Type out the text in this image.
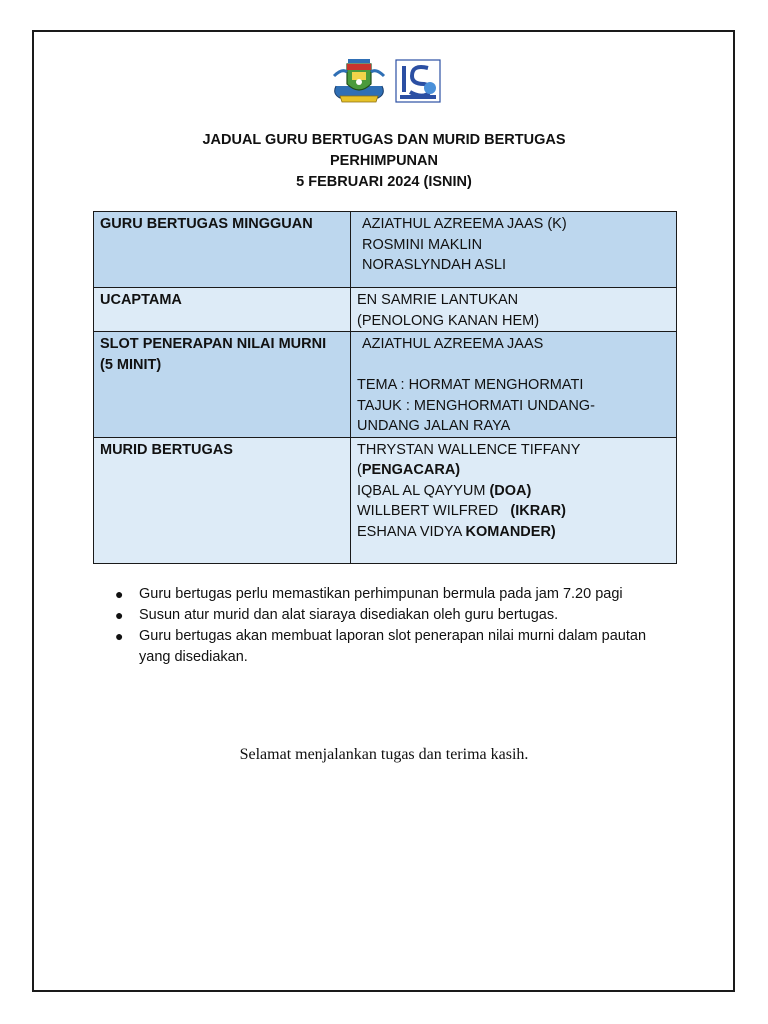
JADUAL GURU BERTUGAS DAN MURID BERTUGAS
PERHIMPUNAN
5 FEBRUARI 2024 (ISNIN)
GURU BERTUGAS MINGGUAN	AZIATHUL AZREEMA JAAS (K)
ROSMINI MAKLIN
NORASLYNDAH ASLI

UCAPTAMA	EN SAMRIE LANTUKAN
(PENOLONG KANAN HEM)

SLOT PENERAPAN NILAI MURNI
(5 MINIT)	AZIATHUL AZREEMA JAAS
TEMA : HORMAT MENGHORMATI
TAJUK : MENGHORMATI UNDANG-
UNDANG JALAN RAYA

MURID BERTUGAS	THRYSTAN WALLENCE TIFFANY
(PENGACARA)
IQBAL AL QAYYUM (DOA)
WILLBERT WILFRED   (IKRAR)
ESHANA VIDYA KOMANDER)
● Guru bertugas perlu memastikan perhimpunan bermula pada jam 7.20 pagi
● Susun atur murid dan alat siaraya disediakan oleh guru bertugas.
● Guru bertugas akan membuat laporan slot penerapan nilai murni dalam pautan yang disediakan.
Selamat menjalankan tugas dan terima kasih.
